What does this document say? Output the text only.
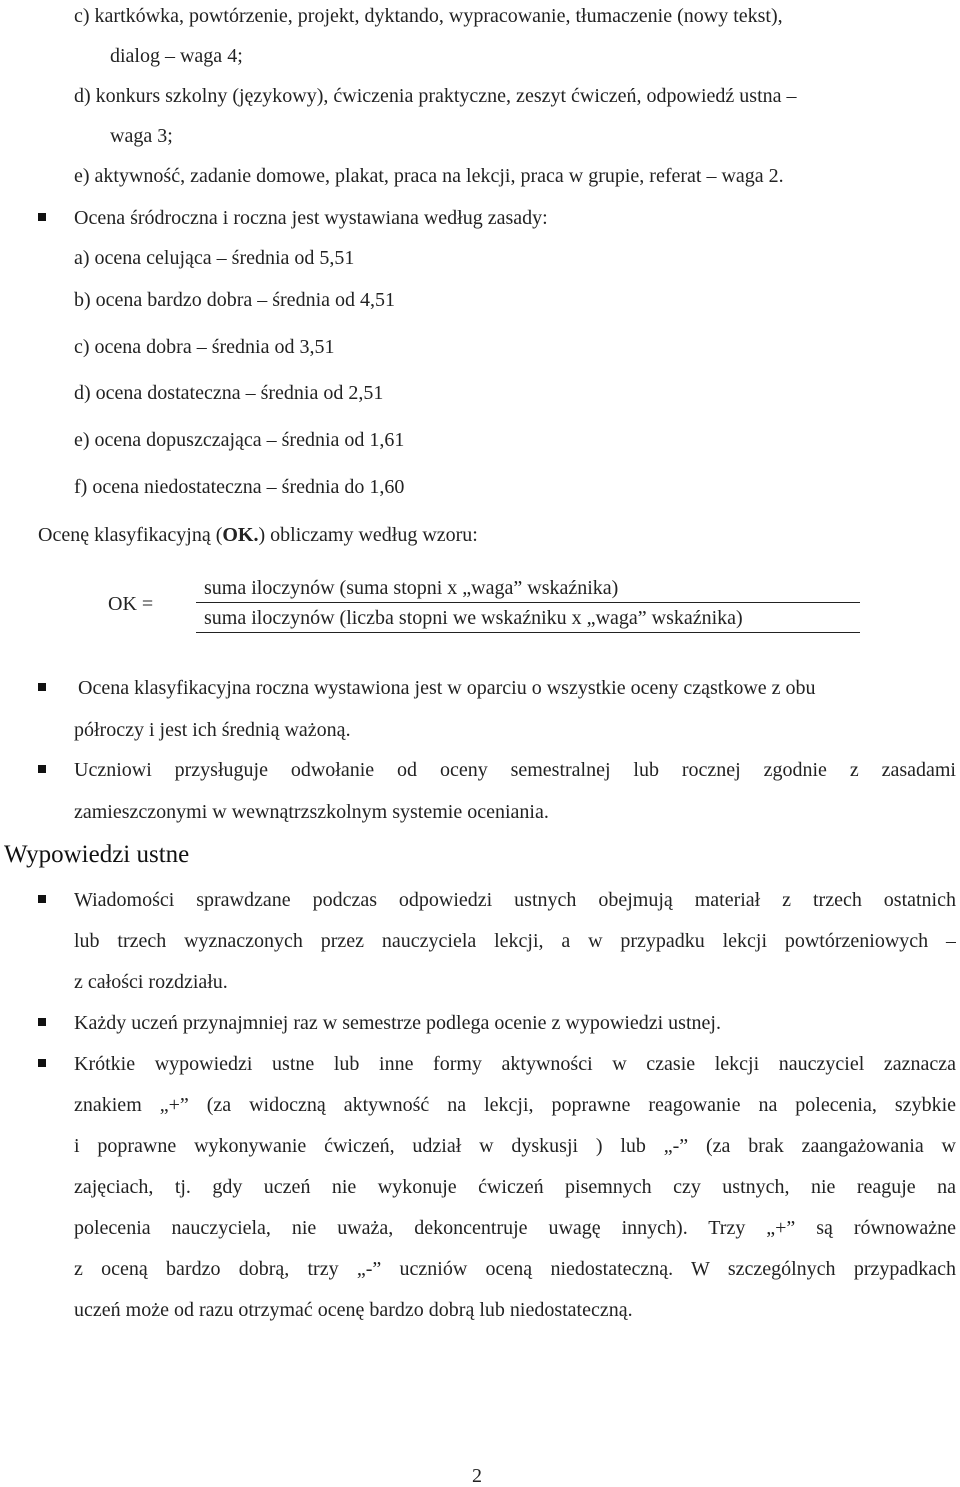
c) kartkówka, powtórzenie, projekt, dyktando, wypracowanie, tłumaczenie (nowy tekst),
dialog – waga 4;
d) konkurs szkolny (językowy), ćwiczenia praktyczne, zeszyt ćwiczeń, odpowiedź ustna –
waga 3;
e) aktywność, zadanie domowe, plakat, praca na lekcji, praca w grupie, referat – waga 2.
Ocena śródroczna i roczna jest wystawiana według zasady:
a) ocena celująca – średnia od 5,51
b) ocena bardzo dobra – średnia od 4,51
c) ocena dobra – średnia od 3,51
d) ocena dostateczna – średnia od 2,51
e) ocena dopuszczająca – średnia od 1,61
f) ocena niedostateczna – średnia do 1,60
Ocenę klasyfikacyjną (OK.) obliczamy według wzoru:
OK =
suma iloczynów (suma stopni x „waga” wskaźnika)
suma iloczynów (liczba stopni we wskaźniku x „waga” wskaźnika)
Ocena klasyfikacyjna roczna wystawiona jest w oparciu o wszystkie oceny cząstkowe z obu
półroczy i jest ich średnią ważoną.
Uczniowi przysługuje odwołanie od oceny semestralnej lub rocznej zgodnie z zasadami
zamieszczonymi w wewnątrzszkolnym systemie oceniania.
Wypowiedzi ustne
Wiadomości sprawdzane podczas odpowiedzi ustnych obejmują materiał z trzech ostatnich
lub trzech wyznaczonych przez nauczyciela lekcji, a w przypadku lekcji powtórzeniowych –
z całości rozdziału.
Każdy uczeń przynajmniej raz w semestrze podlega ocenie z wypowiedzi ustnej.
Krótkie wypowiedzi ustne lub inne formy aktywności w czasie lekcji nauczyciel zaznacza
znakiem „+” (za widoczną aktywność na lekcji, poprawne reagowanie na polecenia, szybkie
i poprawne wykonywanie ćwiczeń, udział w dyskusji ) lub „-” (za brak zaangażowania w
zajęciach, tj. gdy uczeń nie wykonuje ćwiczeń pisemnych czy ustnych, nie reaguje na
polecenia nauczyciela, nie uważa, dekoncentruje uwagę innych). Trzy „+” są równoważne
z oceną bardzo dobrą, trzy „-” uczniów oceną niedostateczną. W szczególnych przypadkach
uczeń może od razu otrzymać ocenę bardzo dobrą lub niedostateczną.
2
